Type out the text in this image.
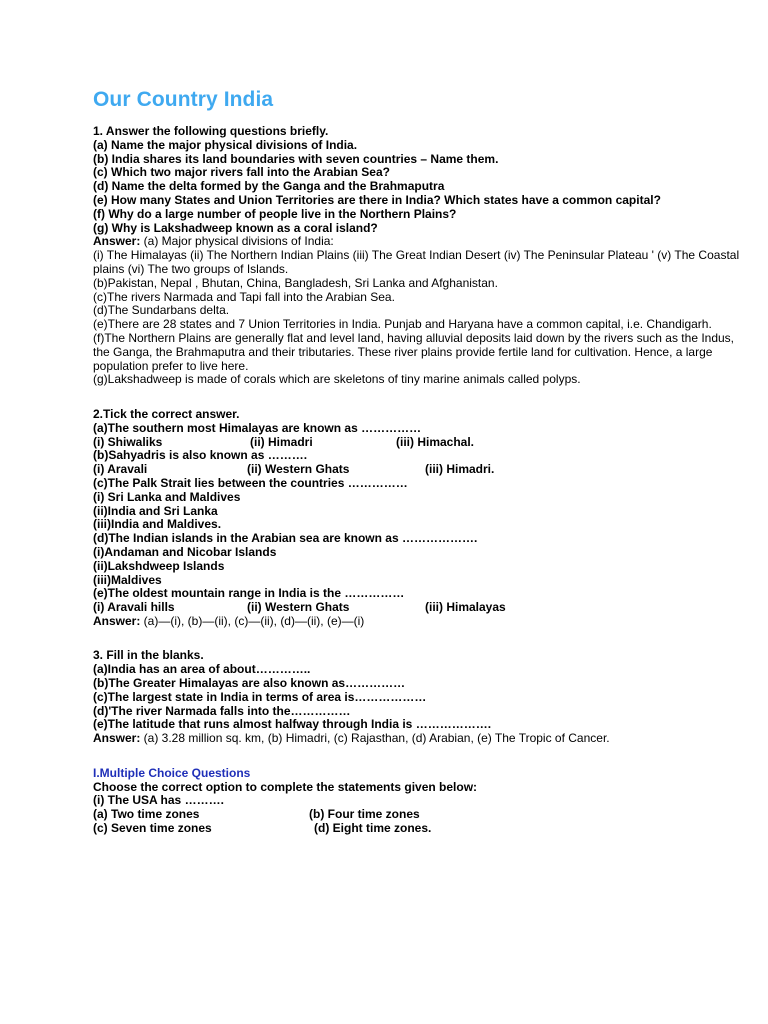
Our Country India
1. Answer the following questions briefly.
(a) Name the major physical divisions of India.
(b) India shares its land boundaries with seven countries – Name them.
(c) Which two major rivers fall into the Arabian Sea?
(d) Name the delta formed by the Ganga and the Brahmaputra
(e) How many States and Union Territories are there in India? Which states have a common capital?
(f) Why do a large number of people live in the Northern Plains?
(g) Why is Lakshadweep known as a coral island?
Answer: (a) Major physical divisions of India:
(i) The Himalayas (ii) The Northern Indian Plains (iii) The Great Indian Desert (iv) The Peninsular Plateau ' (v) The Coastal plains (vi) The two groups of Islands.
(b)Pakistan, Nepal , Bhutan, China, Bangladesh, Sri Lanka and Afghanistan.
(c)The rivers Narmada and Tapi fall into the Arabian Sea.
(d)The Sundarbans delta.
(e)There are 28 states and 7 Union Territories in India. Punjab and Haryana have a common capital, i.e. Chandigarh.
(f)The Northern Plains are generally flat and level land, having alluvial deposits laid down by the rivers such as the Indus, the Ganga, the Brahmaputra and their tributaries. These river plains provide fertile land for cultivation. Hence, a large population prefer to live here.
(g)Lakshadweep is made of corals which are skeletons of tiny marine animals called polyps.
2.Tick the correct answer.
(a)The southern most Himalayas are known as ……………
(i) Shiwaliks	(ii) Himadri	(iii) Himachal.
(b)Sahyadris is also known as ……….
(i) Aravali	(ii) Western Ghats	(iii) Himadri.
(c)The Palk Strait lies between the countries ……………
(i) Sri Lanka and Maldives
(ii)India and Sri Lanka
(iii)India and Maldives.
(d)The Indian islands in the Arabian sea are known as ……………….
(i)Andaman and Nicobar Islands
(ii)Lakshdweep Islands
(iii)Maldives
(e)The oldest mountain range in India is the ……………
(i) Aravali hills	(ii) Western Ghats	(iii) Himalayas
Answer: (a)—(i), (b)—(ii), (c)—(ii), (d)—(ii), (e)—(i)
3. Fill in the blanks.
(a)India has an area of about…………..
(b)The Greater Himalayas are also known as……………
(c)The largest state in India in terms of area is………………
(d)'The river Narmada falls into the……………
(e)The latitude that runs almost halfway through India is ……………….
Answer: (a) 3.28 million sq. km, (b) Himadri, (c) Rajasthan, (d) Arabian, (e) The Tropic of Cancer.
I.Multiple Choice Questions
Choose the correct option to complete the statements given below:
(i) The USA has ……….
(a) Two time zones	(b) Four time zones
(c) Seven time zones	(d) Eight time zones.
